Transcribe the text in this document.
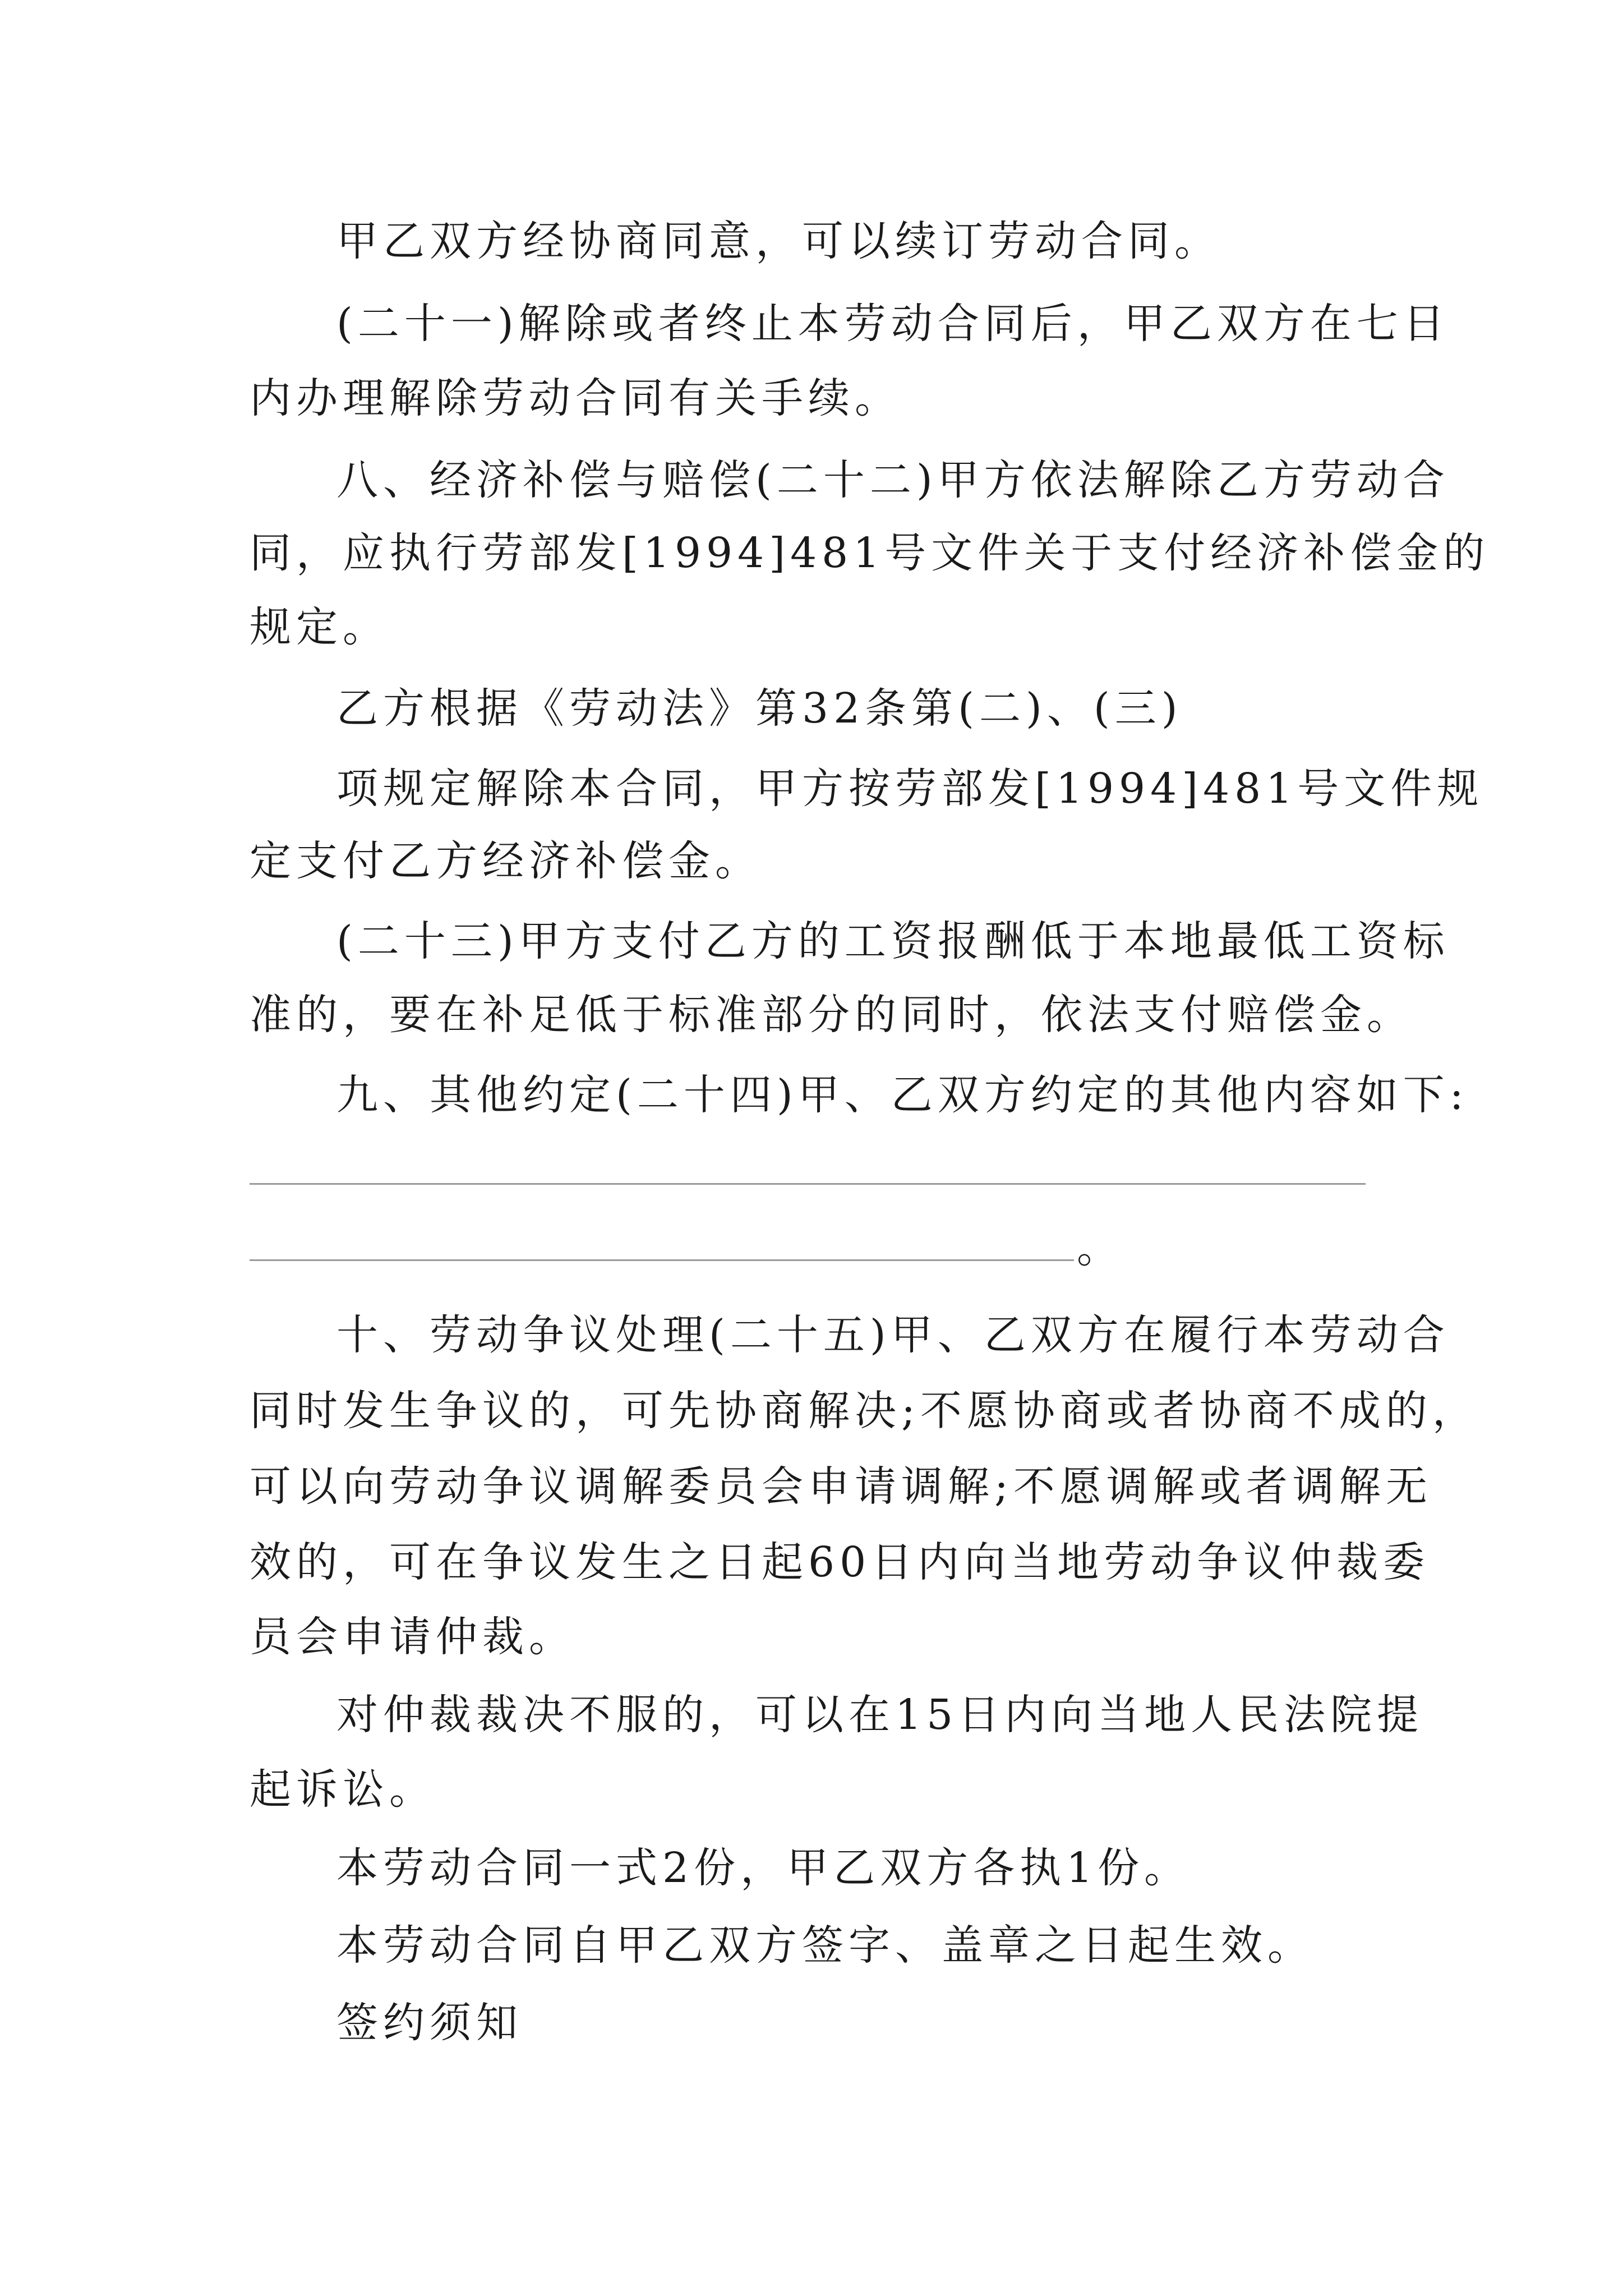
甲乙双方经协商同意，可以续订劳动合同。
(二十一)解除或者终止本劳动合同后，甲乙双方在七日
内办理解除劳动合同有关手续。
八、经济补偿与赔偿(二十二)甲方依法解除乙方劳动合
同，应执行劳部发[1994]481号文件关于支付经济补偿金的
规定。
乙方根据《劳动法》第32条第(二)、(三)
项规定解除本合同，甲方按劳部发[1994]481号文件规
定支付乙方经济补偿金。
(二十三)甲方支付乙方的工资报酬低于本地最低工资标
准的，要在补足低于标准部分的同时，依法支付赔偿金。
九、其他约定(二十四)甲、乙双方约定的其他内容如下:
。
十、劳动争议处理(二十五)甲、乙双方在履行本劳动合
同时发生争议的，可先协商解决;不愿协商或者协商不成的，
可以向劳动争议调解委员会申请调解;不愿调解或者调解无
效的，可在争议发生之日起60日内向当地劳动争议仲裁委
员会申请仲裁。
对仲裁裁决不服的，可以在15日内向当地人民法院提
起诉讼。
本劳动合同一式2份，甲乙双方各执1份。
本劳动合同自甲乙双方签字、盖章之日起生效。
签约须知
